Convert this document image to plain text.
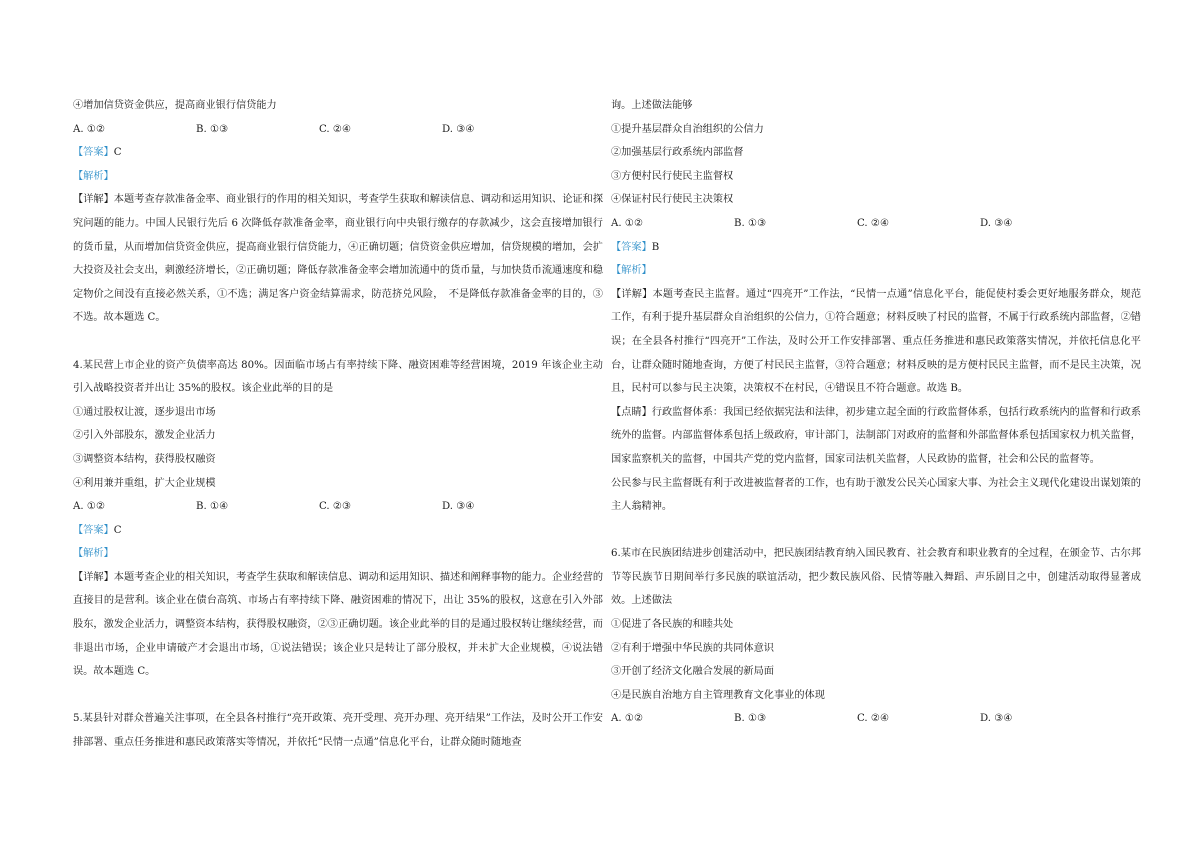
④增加信贷资金供应，提高商业银行信贷能力
A. ①②	B. ①③	C. ②④	D. ③④
【答案】C
【解析】
【详解】本题考查存款准备金率、商业银行的作用的相关知识，考查学生获取和解读信息、调动和运用知识、论证和探究问题的能力。中国人民银行先后 6 次降低存款准备金率，商业银行向中央银行缴存的存款减少，这会直接增加银行的货币量，从而增加信贷资金供应，提高商业银行信贷能力，④正确切题；信贷资金供应增加，信贷规模的增加，会扩大投资及社会支出，刺激经济增长，②正确切题；降低存款准备金率会增加流通中的货币量，与加快货币流通速度和稳定物价之间没有直接必然关系，①不选；满足客户资金结算需求，防范挤兑风险，　不是降低存款准备金率的目的，③不选。故本题选 C。
4.某民营上市企业的资产负债率高达 80%。因面临市场占有率持续下降、融资困难等经营困境，2019 年该企业主动引入战略投资者并出让 35%的股权。该企业此举的目的是
①通过股权让渡，逐步退出市场
②引入外部股东，激发企业活力
③调整资本结构，获得股权融资
④利用兼并重组，扩大企业规模
A. ①②	B. ①④	C. ②③	D. ③④
【答案】C
【解析】
【详解】本题考查企业的相关知识，考查学生获取和解读信息、调动和运用知识、描述和阐释事物的能力。企业经营的直接目的是营利。该企业在债台高筑、市场占有率持续下降、融资困难的情况下，出让 35%的股权，这意在引入外部股东，激发企业活力，调整资本结构，获得股权融资，②③正确切题。该企业此举的目的是通过股权转让继续经营，而非退出市场，企业申请破产才会退出市场，①说法错误；该企业只是转让了部分股权，并未扩大企业规模，④说法错误。故本题选 C。
5.某县针对群众普遍关注事项，在全县各村推行“亮开政策、亮开受理、亮开办理、亮开结果”工作法，及时公开工作安排部署、重点任务推进和惠民政策落实等情况，并依托“民情一点通”信息化平台，让群众随时随地查
询。上述做法能够
①提升基层群众自治组织的公信力
②加强基层行政系统内部监督
③方便村民行使民主监督权
④保证村民行使民主决策权
A. ①②	B. ①③	C. ②④	D. ③④
【答案】B
【解析】
【详解】本题考查民主监督。通过“四亮开”工作法，“民情一点通”信息化平台，能促使村委会更好地服务群众，规范工作，有利于提升基层群众自治组织的公信力，①符合题意；材料反映了村民的监督，不属于行政系统内部监督，②错误；在全县各村推行“四亮开”工作法，及时公开工作安排部署、重点任务推进和惠民政策落实情况，并依托信息化平台，让群众随时随地查询，方便了村民民主监督，③符合题意；材料反映的是方便村民民主监督，而不是民主决策，况且，民村可以参与民主决策，决策权不在村民，④错误且不符合题意。故选 B。
【点睛】行政监督体系：我国已经依据宪法和法律，初步建立起全面的行政监督体系，包括行政系统内的监督和行政系统外的监督。内部监督体系包括上级政府，审计部门，法制部门对政府的监督和外部监督体系包括国家权力机关监督，国家监察机关的监督，中国共产党的党内监督，国家司法机关监督，人民政协的监督，社会和公民的监督等。
公民参与民主监督既有利于改进被监督者的工作，也有助于激发公民关心国家大事、为社会主义现代化建设出谋划策的主人翁精神。
6.某市在民族团结进步创建活动中，把民族团结教育纳入国民教育、社会教育和职业教育的全过程，在颁金节、古尔邦节等民族节日期间举行多民族的联谊活动，把少数民族风俗、民情等融入舞蹈、声乐剧目之中，创建活动取得显著成效。上述做法
①促进了各民族的和睦共处
②有利于增强中华民族的共同体意识
③开创了经济文化融合发展的新局面
④是民族自治地方自主管理教育文化事业的体现
A. ①②	B. ①③	C. ②④	D. ③④
